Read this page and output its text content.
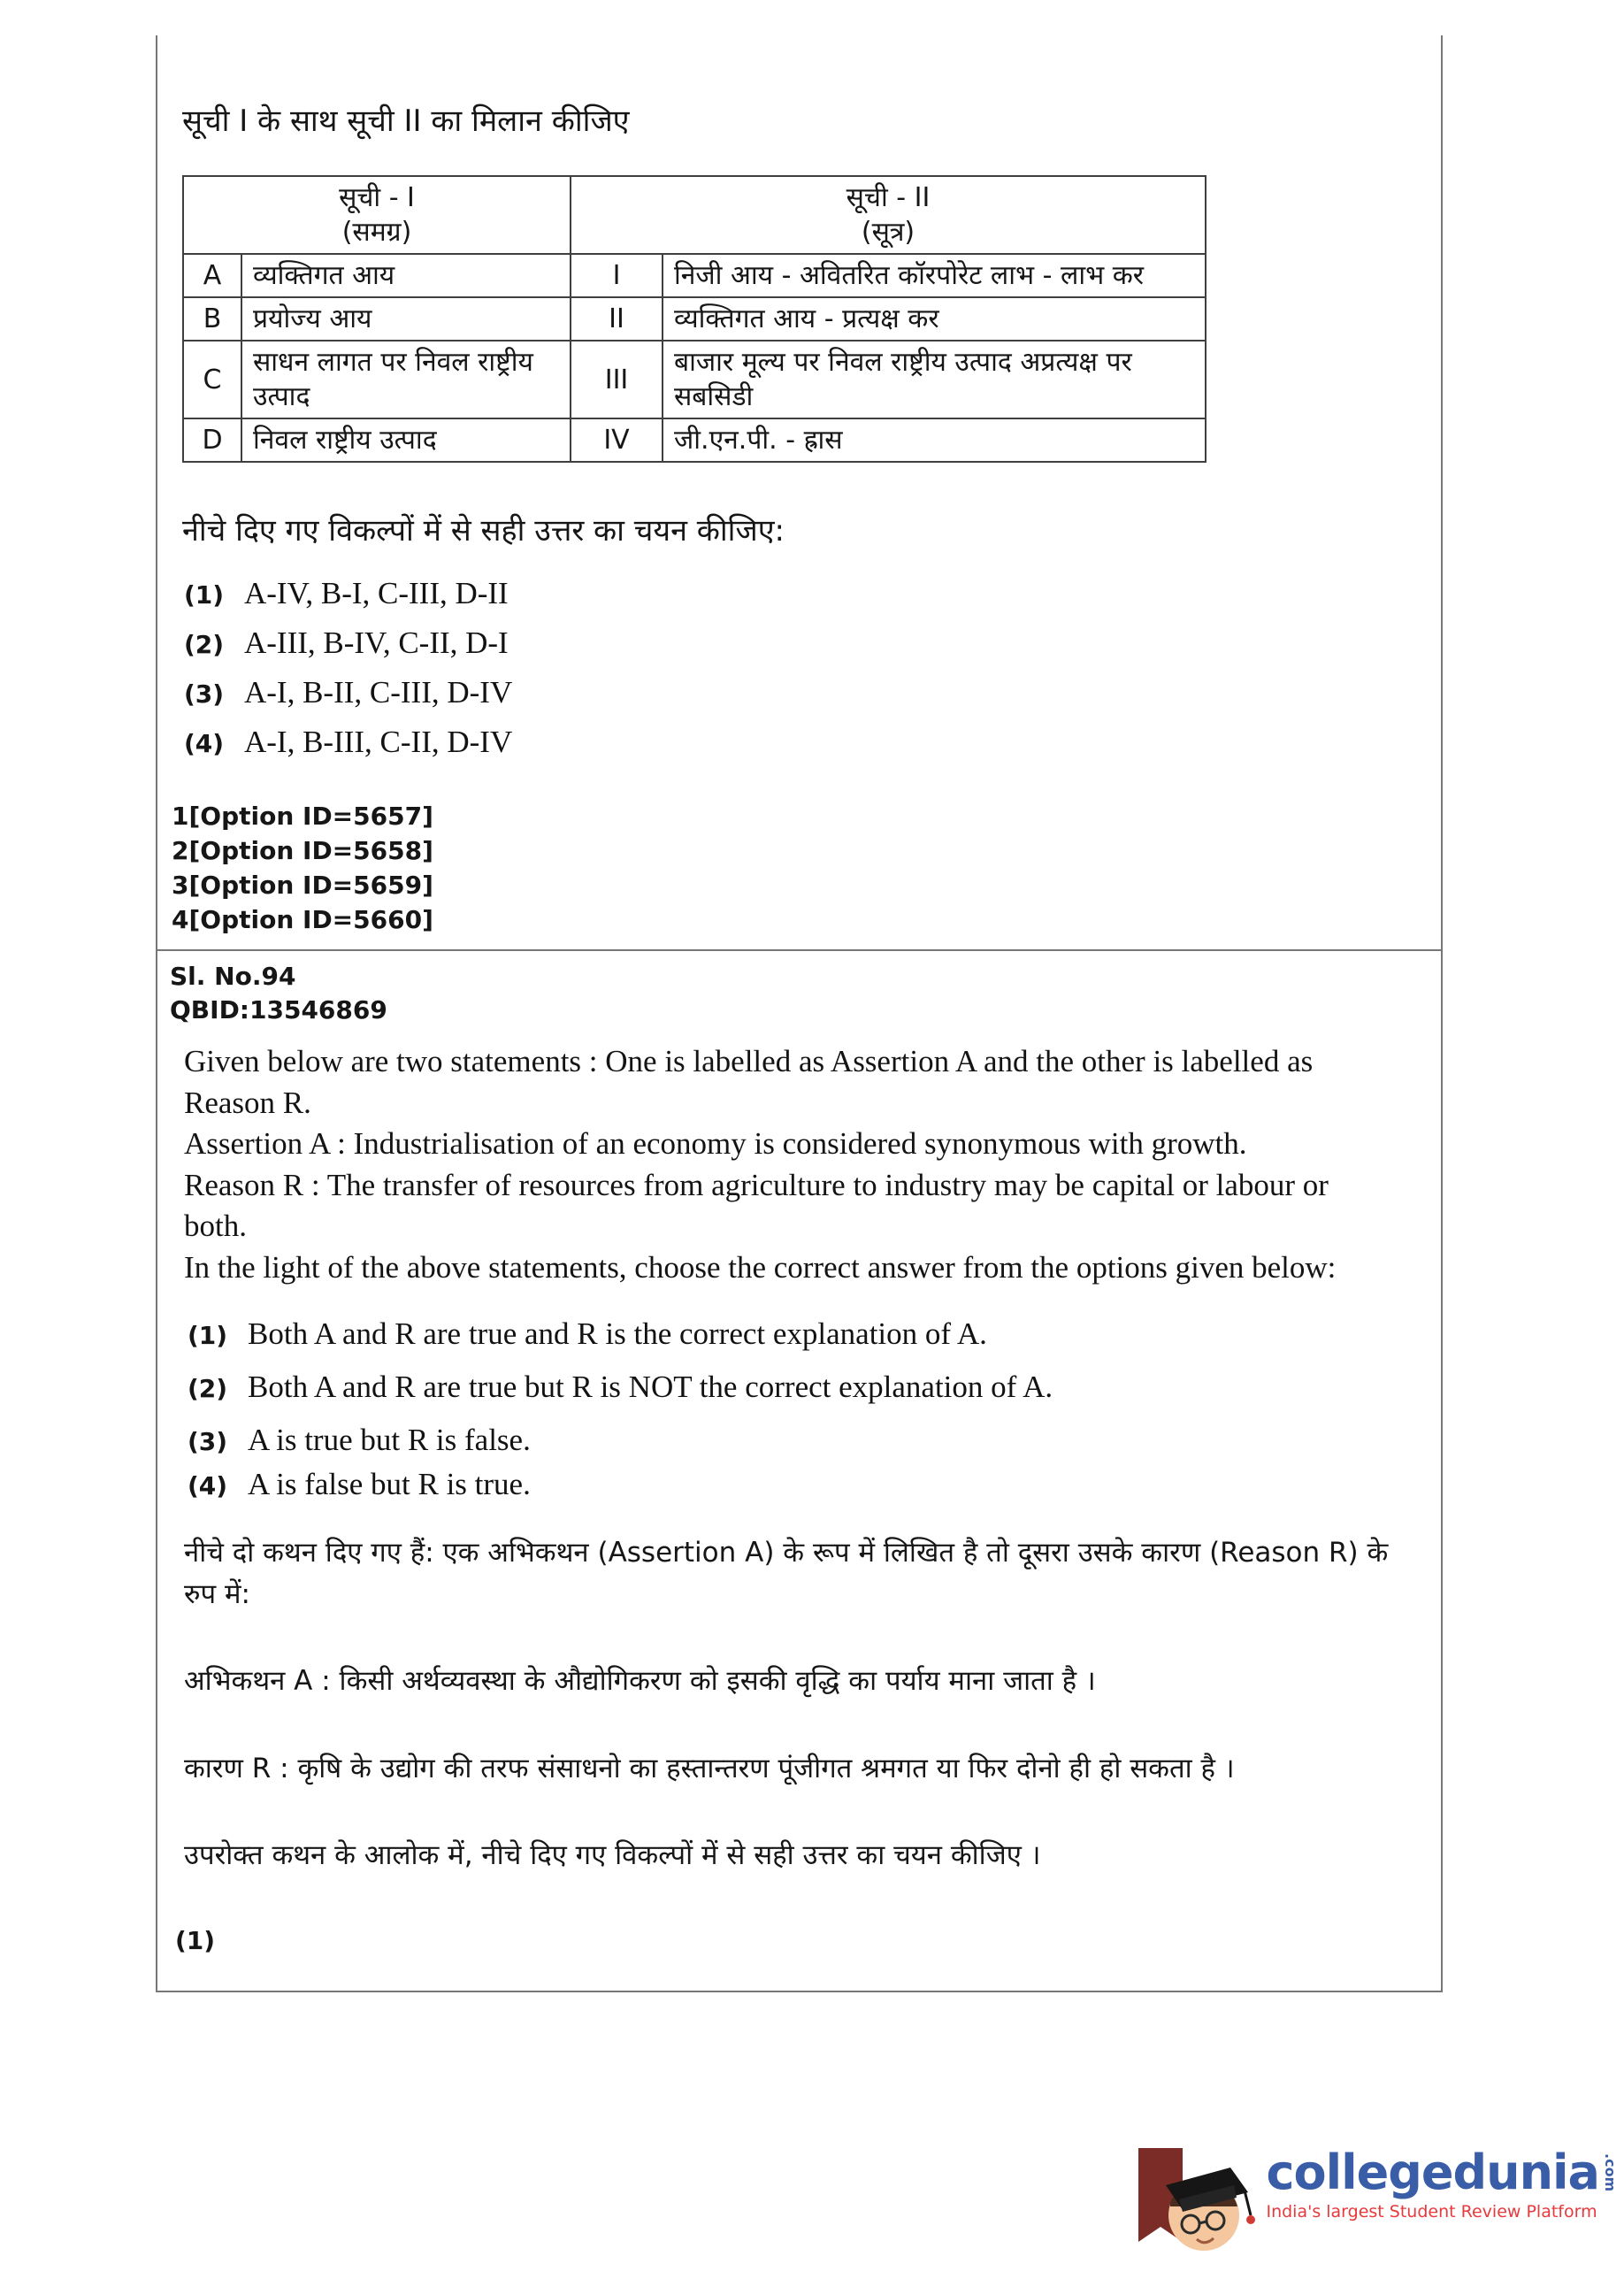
सूची I के साथ सूची II का मिलान कीजिए
सूची - I
(समग्र)

सूची - II
(सूत्र)

A	व्यक्तिगत आय	I	निजी आय - अवितरित कॉरपोरेट लाभ - लाभ कर
B	प्रयोज्य आय	II	व्यक्तिगत आय - प्रत्यक्ष कर
C	साधन लागत पर निवल राष्ट्रीय उत्पाद	III	बाजार मूल्य पर निवल राष्ट्रीय उत्पाद अप्रत्यक्ष पर सबसिडी
D	निवल राष्ट्रीय उत्पाद	IV	जी.एन.पी. - ह्रास
नीचे दिए गए विकल्पों में से सही उत्तर का चयन कीजिए:
(1) A-IV, B-I, C-III, D-II
(2) A-III, B-IV, C-II, D-I
(3) A-I, B-II, C-III, D-IV
(4) A-I, B-III, C-II, D-IV
1[Option ID=5657]
2[Option ID=5658]
3[Option ID=5659]
4[Option ID=5660]
Sl. No.94
QBID:13546869
Given below are two statements : One is labelled as Assertion A and the other is labelled as Reason R.
Assertion A : Industrialisation of an economy is considered synonymous with growth.
Reason R : The transfer of resources from agriculture to industry may be capital or labour or both.
In the light of the above statements, choose the correct answer from the options given below:
(1) Both A and R are true and R is the correct explanation of A.
(2) Both A and R are true but R is NOT the correct explanation of A.
(3) A is true but R is false.
(4) A is false but R is true.
नीचे दो कथन दिए गए हैं: एक अभिकथन (Assertion A) के रूप में लिखित है तो दूसरा उसके कारण (Reason R) के रुप में:
अभिकथन A : किसी अर्थव्यवस्था के औद्योगिकरण को इसकी वृद्धि का पर्याय माना जाता है ।
कारण R : कृषि के उद्योग की तरफ संसाधनो का हस्तान्तरण पूंजीगत श्रमगत या फिर दोनो ही हो सकता है ।
उपरोक्त कथन के आलोक में, नीचे दिए गए विकल्पों में से सही उत्तर का चयन कीजिए ।
(1)
collegedunia .com
India's largest Student Review Platform
